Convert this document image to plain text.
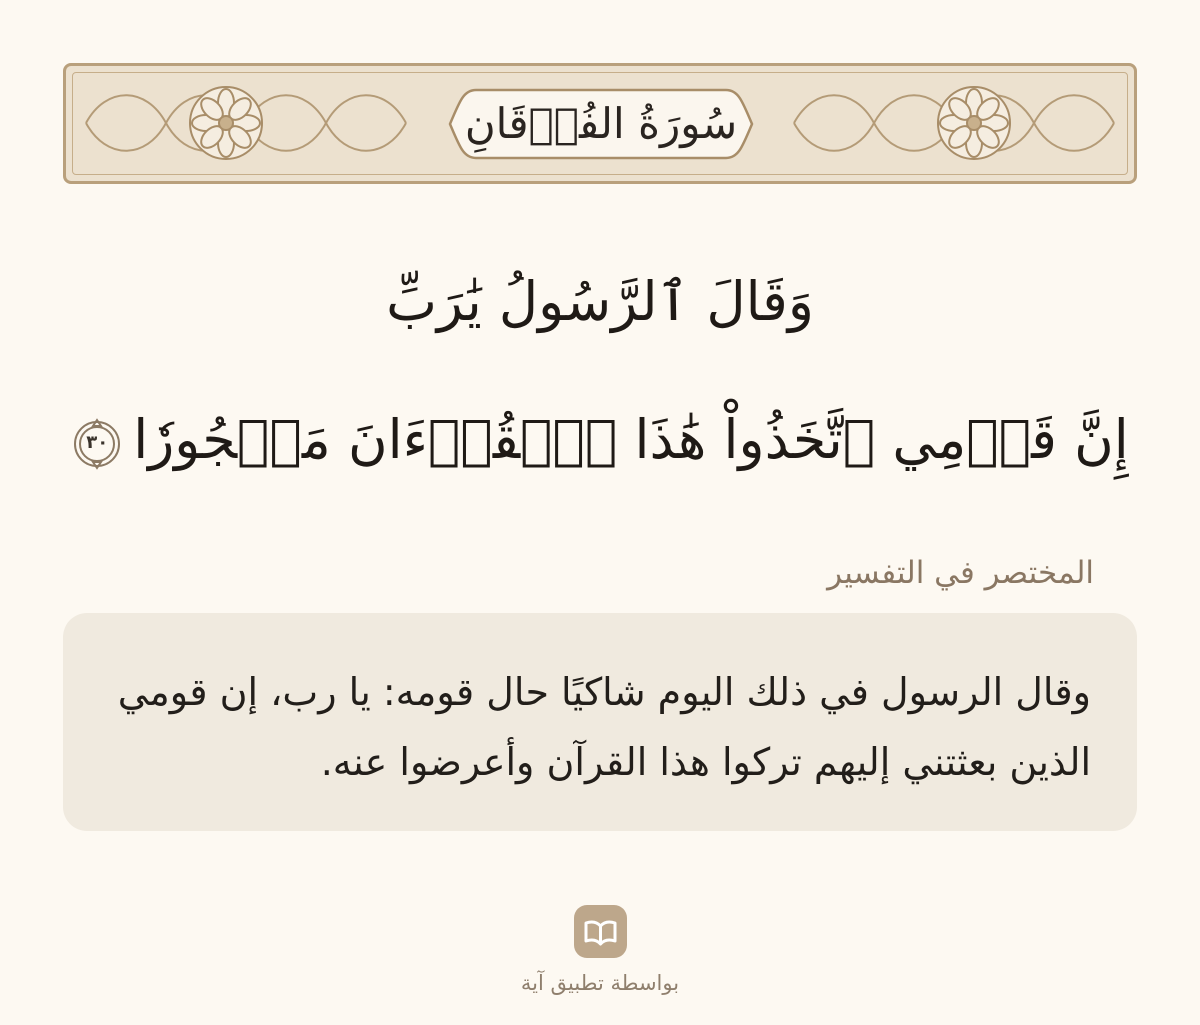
سُورَةُ الفُرۡقَانِ
وَقَالَ ٱلرَّسُولُ يَٰرَبِّ
إِنَّ قَوۡمِي ٱتَّخَذُواْ هَٰذَا ٱلۡقُرۡءَانَ مَهۡجُورٗا
٣٠
المختصر في التفسير

وقال الرسول في ذلك اليوم شاكيًا حال قومه: يا رب، إن قومي الذين بعثتني إليهم تركوا هذا القرآن وأعرضوا عنه.

بواسطة تطبيق آية
